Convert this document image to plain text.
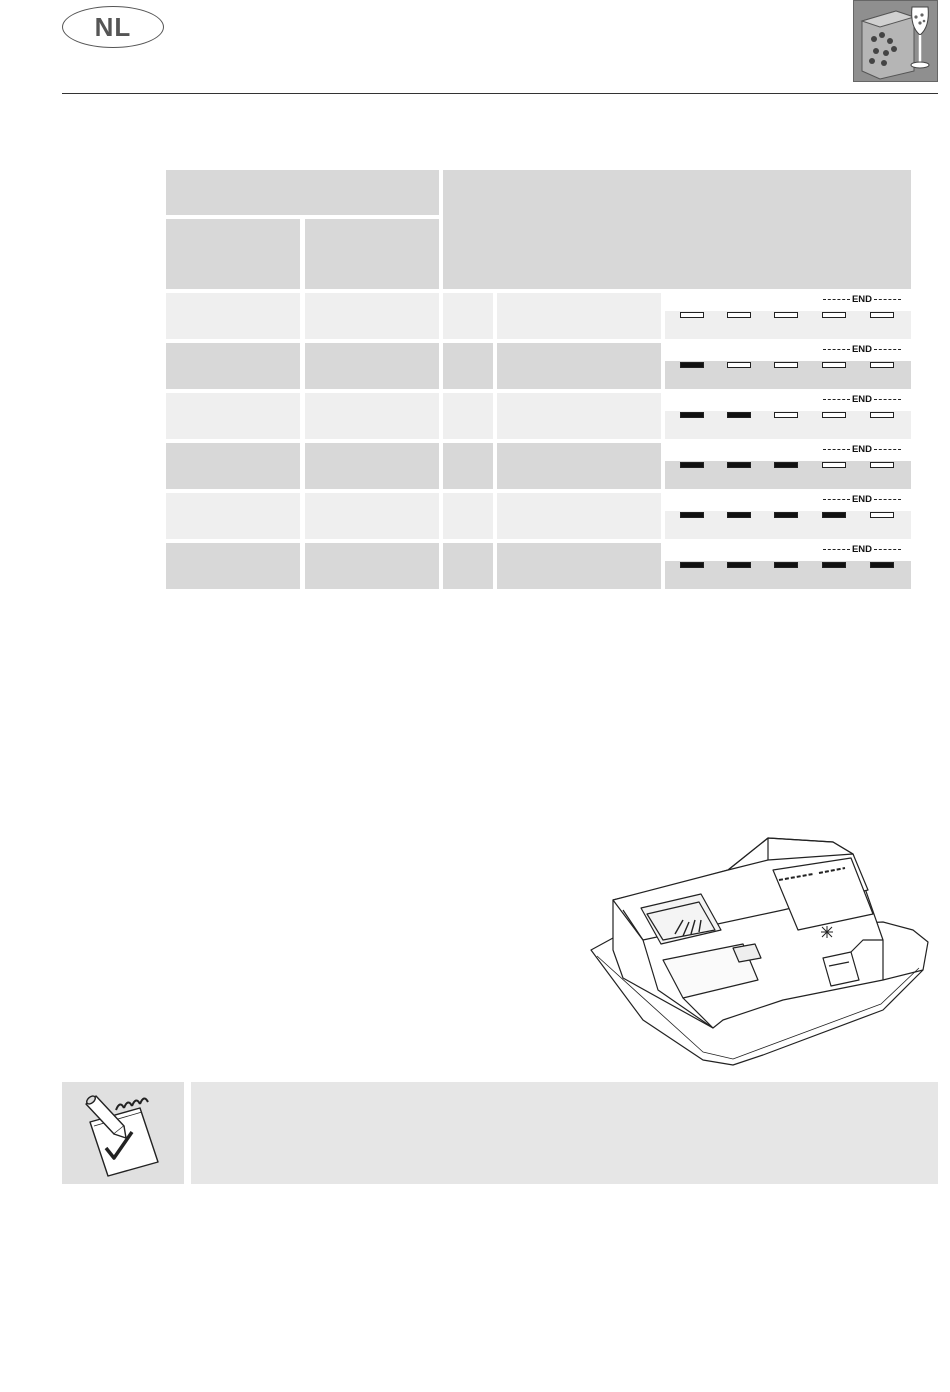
NL
END
END
END
END
END
END
